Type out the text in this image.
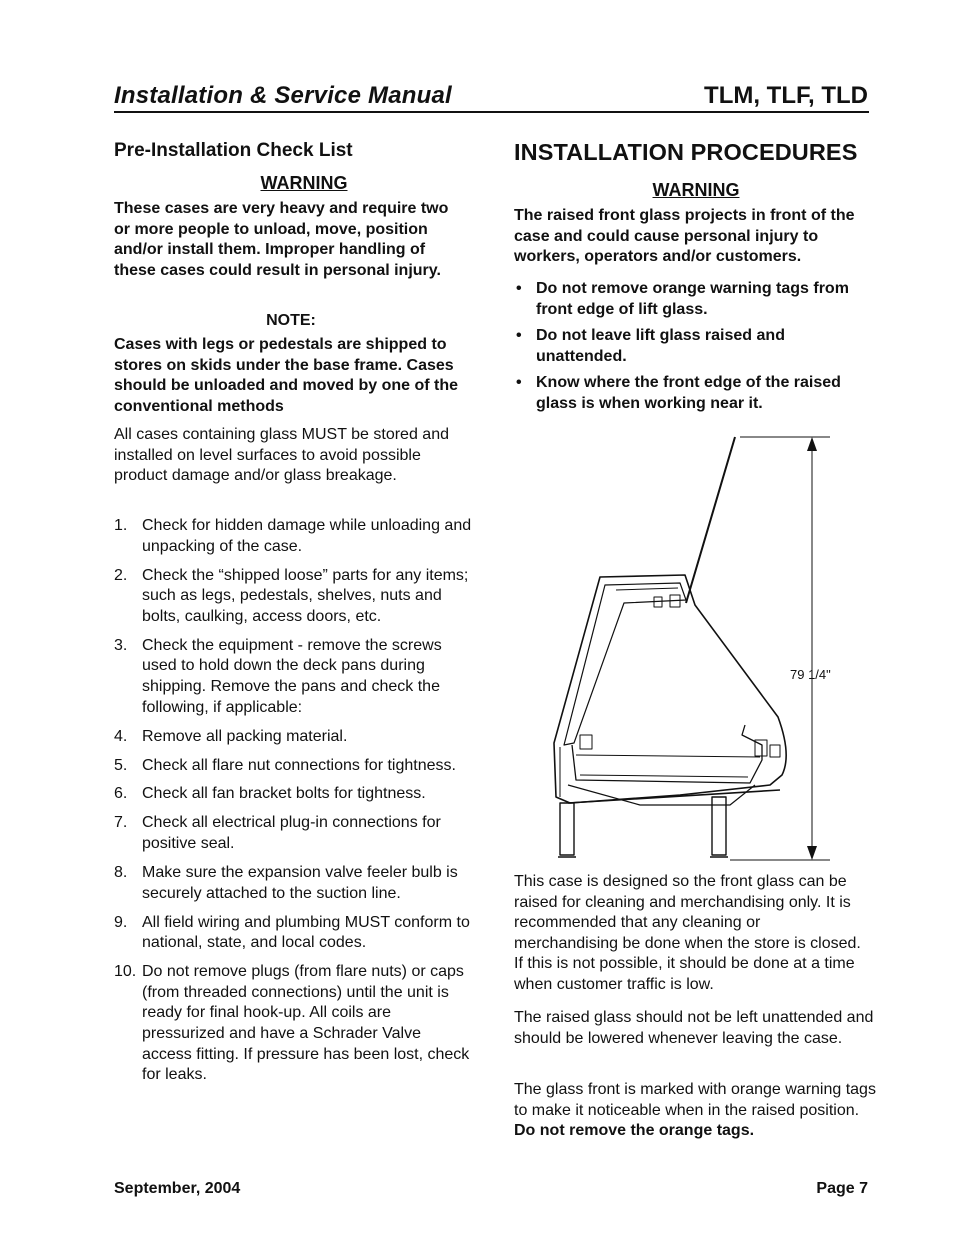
Installation & Service Manual	TLM, TLF, TLD
Pre-Installation Check List
WARNING

These cases are very heavy and require two or more people to unload, move, position and/or install them. Improper handling of these cases could result in personal injury.

NOTE:

Cases with legs or pedestals are shipped to stores on skids under the base frame. Cases should be unloaded and moved by one of the conventional methods

All cases containing glass MUST be stored and installed on level surfaces to avoid possible product damage and/or glass breakage.

1. Check for hidden damage while unloading and unpacking of the case.
2. Check the “shipped loose” parts for any items; such as legs, pedestals, shelves, nuts and bolts, caulking, access doors, etc.
3. Check the equipment - remove the screws used to hold down the deck pans during shipping. Remove the pans and check the following, if applicable:
4. Remove all packing material.
5. Check all flare nut connections for tightness.
6. Check all fan bracket bolts for tightness.
7. Check all electrical plug-in connections for positive seal.
8. Make sure the expansion valve feeler bulb is securely attached to the suction line.
9. All field wiring and plumbing MUST conform to national, state, and local codes.
10. Do not remove plugs (from flare nuts) or caps (from threaded connections) until the unit is ready for final hook-up. All coils are pressurized and have a Schrader Valve access fitting. If pressure has been lost, check for leaks.
INSTALLATION PROCEDURES
WARNING

The raised front glass projects in front of the case and could cause personal injury to workers, operators and/or customers.

• Do not remove orange warning tags from front edge of lift glass.
• Do not leave lift glass raised and unattended.
• Know where the front edge of the raised glass is when working near it.
79 1/4"

This case is designed so the front glass can be raised for cleaning and merchandising only. It is recommended that any cleaning or merchandising be done when the store is closed. If this is not possible, it should be done at a time when customer traffic is low.

The raised glass should not be left unattended and should be lowered whenever leaving the case.

The glass front is marked with orange warning tags to make it noticeable when in the raised position. Do not remove the orange tags.

September, 2004	Page 7
